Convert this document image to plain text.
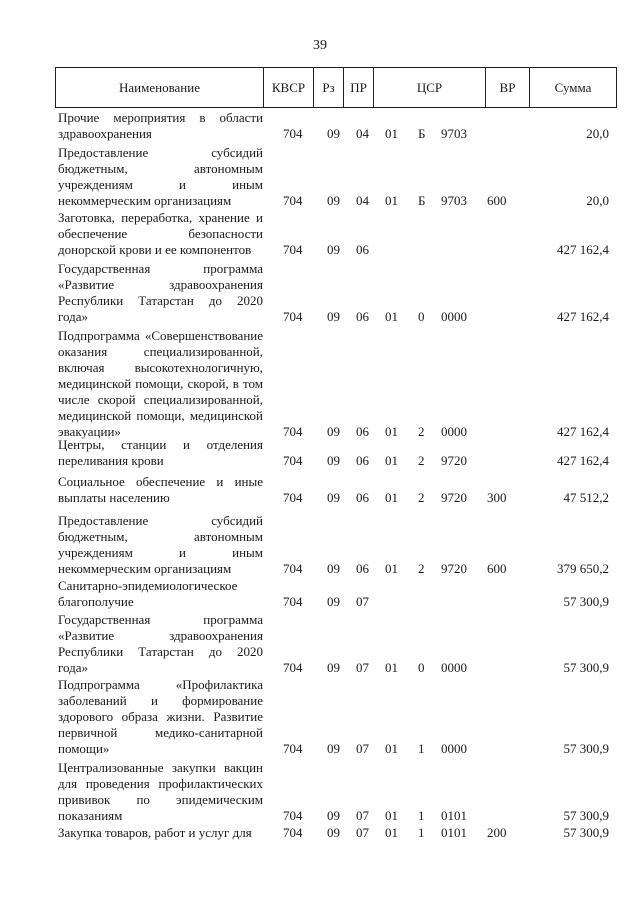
39
Наименование	КВСР	Рз	ПР	ЦСР	ВР	Сумма
Прочие мероприятия в области
здравоохранения	704 09 04 01 Б 9703	20,0
Предоставление субсидий
бюджетным, автономным
учреждениям и иным
некоммерческим организациям	704 09 04 01 Б 9703 600	20,0
Заготовка, переработка, хранение и
обеспечение безопасности
донорской крови и ее компонентов	704 09 06	427 162,4
Государственная программа
«Развитие здравоохранения
Республики Татарстан до 2020
года»	704 09 06 01 0 0000	427 162,4
Подпрограмма «Совершенствование
оказания специализированной,
включая высокотехнологичную,
медицинской помощи, скорой, в том
числе скорой специализированной,
медицинской помощи, медицинской
эвакуации»	704 09 06 01 2 0000	427 162,4
Центры, станции и отделения
переливания крови	704 09 06 01 2 9720	427 162,4
Социальное обеспечение и иные
выплаты населению	704 09 06 01 2 9720 300	47 512,2
Предоставление субсидий
бюджетным, автономным
учреждениям и иным
некоммерческим организациям	704 09 06 01 2 9720 600	379 650,2
Санитарно-эпидемиологическое
благополучие	704 09 07	57 300,9
Государственная программа
«Развитие здравоохранения
Республики Татарстан до 2020
года»	704 09 07 01 0 0000	57 300,9
Подпрограмма «Профилактика
заболеваний и формирование
здорового образа жизни. Развитие
первичной медико-санитарной
помощи»	704 09 07 01 1 0000	57 300,9
Централизованные закупки вакцин
для проведения профилактических
прививок по эпидемическим
показаниям	704 09 07 01 1 0101	57 300,9
Закупка товаров, работ и услуг для	704 09 07 01 1 0101 200	57 300,9
